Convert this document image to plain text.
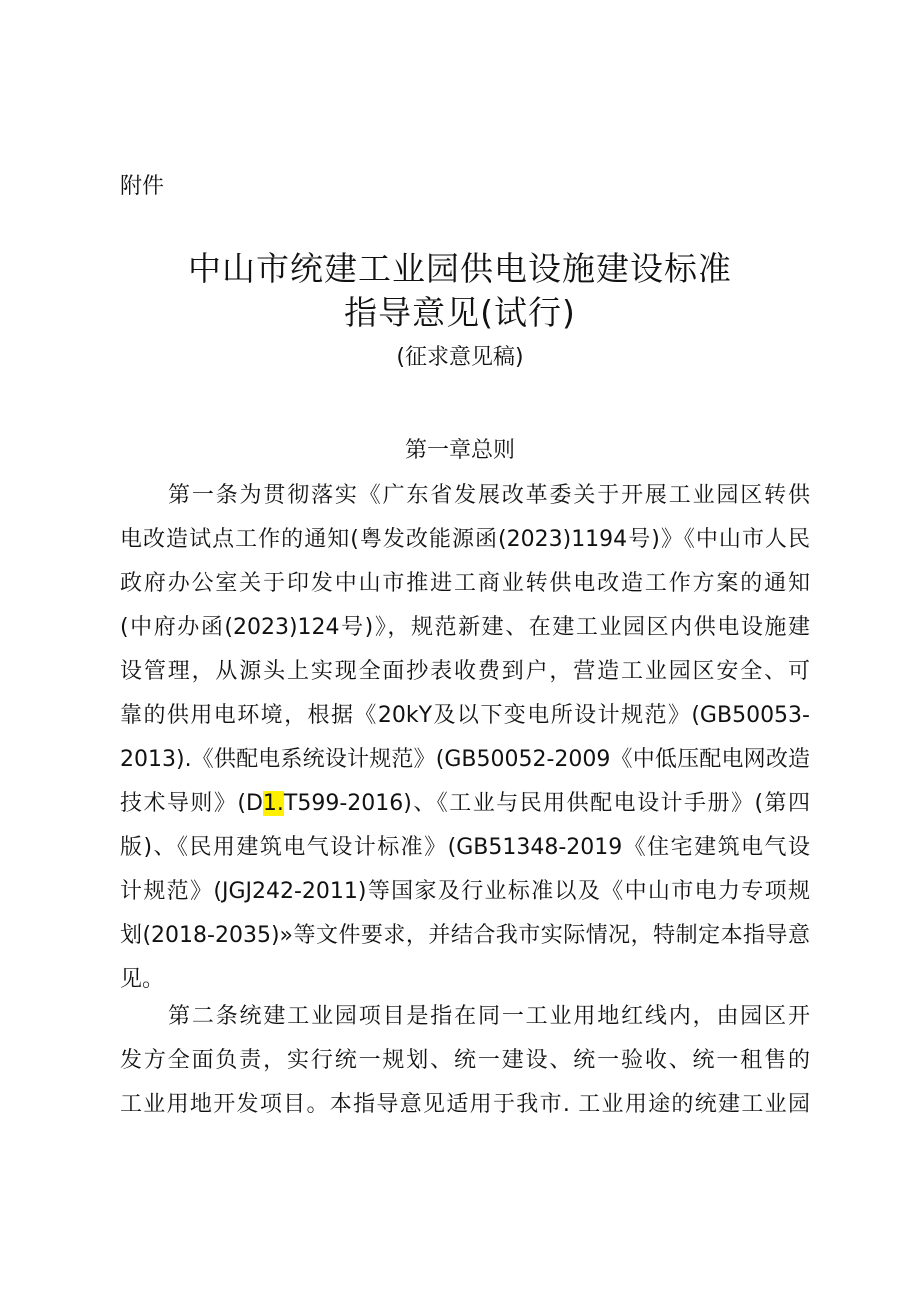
附件
中山市统建工业园供电设施建设标准
指导意见(试行)
(征求意见稿)
第一章总则
第一条为贯彻落实《广东省发展改革委关于开展工业园区转供
电改造试点工作的通知(粤发改能源函(2023)1194号)》《中山市人民
政府办公室关于印发中山市推进工商业转供电改造工作方案的通知
(中府办函(2023)124号)》，规范新建、在建工业园区内供电设施建
设管理，从源头上实现全面抄表收费到户，营造工业园区安全、可
靠的供用电环境，根据《20kY及以下变电所设计规范》(GB50053-
2013).《供配电系统设计规范》(GB50052-2009《中低压配电网改造
技术导则》(D1.T599-2016)、《工业与民用供配电设计手册》(第四
版)、《民用建筑电气设计标准》(GB51348-2019《住宅建筑电气设
计规范》(JGJ242-2011)等国家及行业标准以及《中山市电力专项规
划(2018-2035)»等文件要求，并结合我市实际情况，特制定本指导意
见。
第二条统建工业园项目是指在同一工业用地红线内，由园区开
发方全面负责，实行统一规划、统一建设、统一验收、统一租售的
工业用地开发项目。本指导意见适用于我市. 工业用途的统建工业园
